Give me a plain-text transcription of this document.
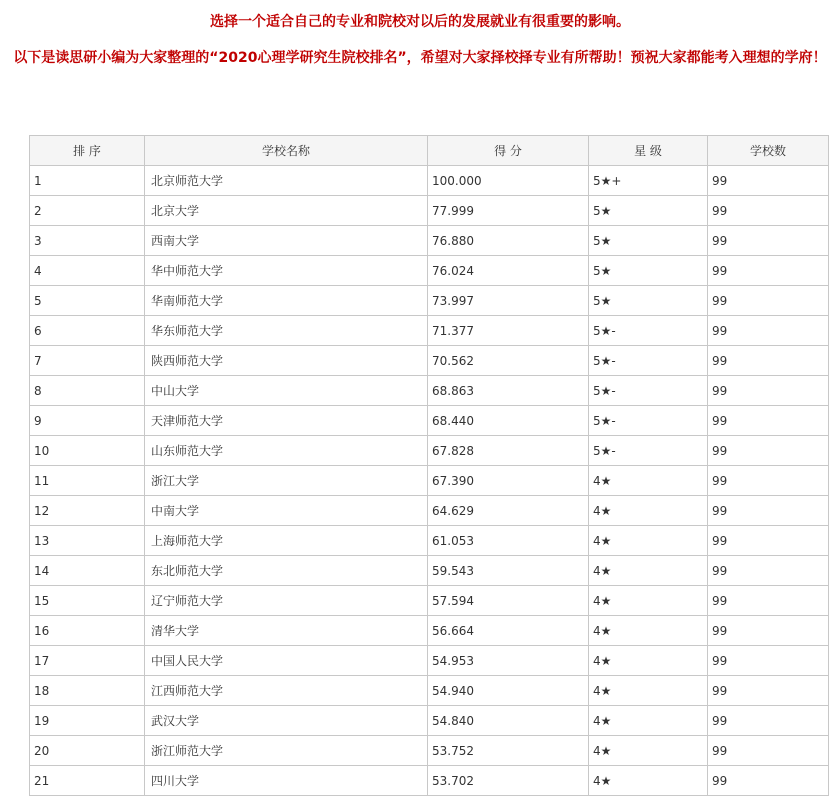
选择一个适合自己的专业和院校对以后的发展就业有很重要的影响。

以下是读思研小编为大家整理的“2020心理学研究生院校排名”，希望对大家择校择专业有所帮助！预祝大家都能考入理想的学府！

排 序	学校名称	得 分	星 级	学校数
1	北京师范大学	100.000	5★+	99
2	北京大学	77.999	5★	99
3	西南大学	76.880	5★	99
4	华中师范大学	76.024	5★	99
5	华南师范大学	73.997	5★	99
6	华东师范大学	71.377	5★-	99
7	陕西师范大学	70.562	5★-	99
8	中山大学	68.863	5★-	99
9	天津师范大学	68.440	5★-	99
10	山东师范大学	67.828	5★-	99
11	浙江大学	67.390	4★	99
12	中南大学	64.629	4★	99
13	上海师范大学	61.053	4★	99
14	东北师范大学	59.543	4★	99
15	辽宁师范大学	57.594	4★	99
16	清华大学	56.664	4★	99
17	中国人民大学	54.953	4★	99
18	江西师范大学	54.940	4★	99
19	武汉大学	54.840	4★	99
20	浙江师范大学	53.752	4★	99
21	四川大学	53.702	4★	99
